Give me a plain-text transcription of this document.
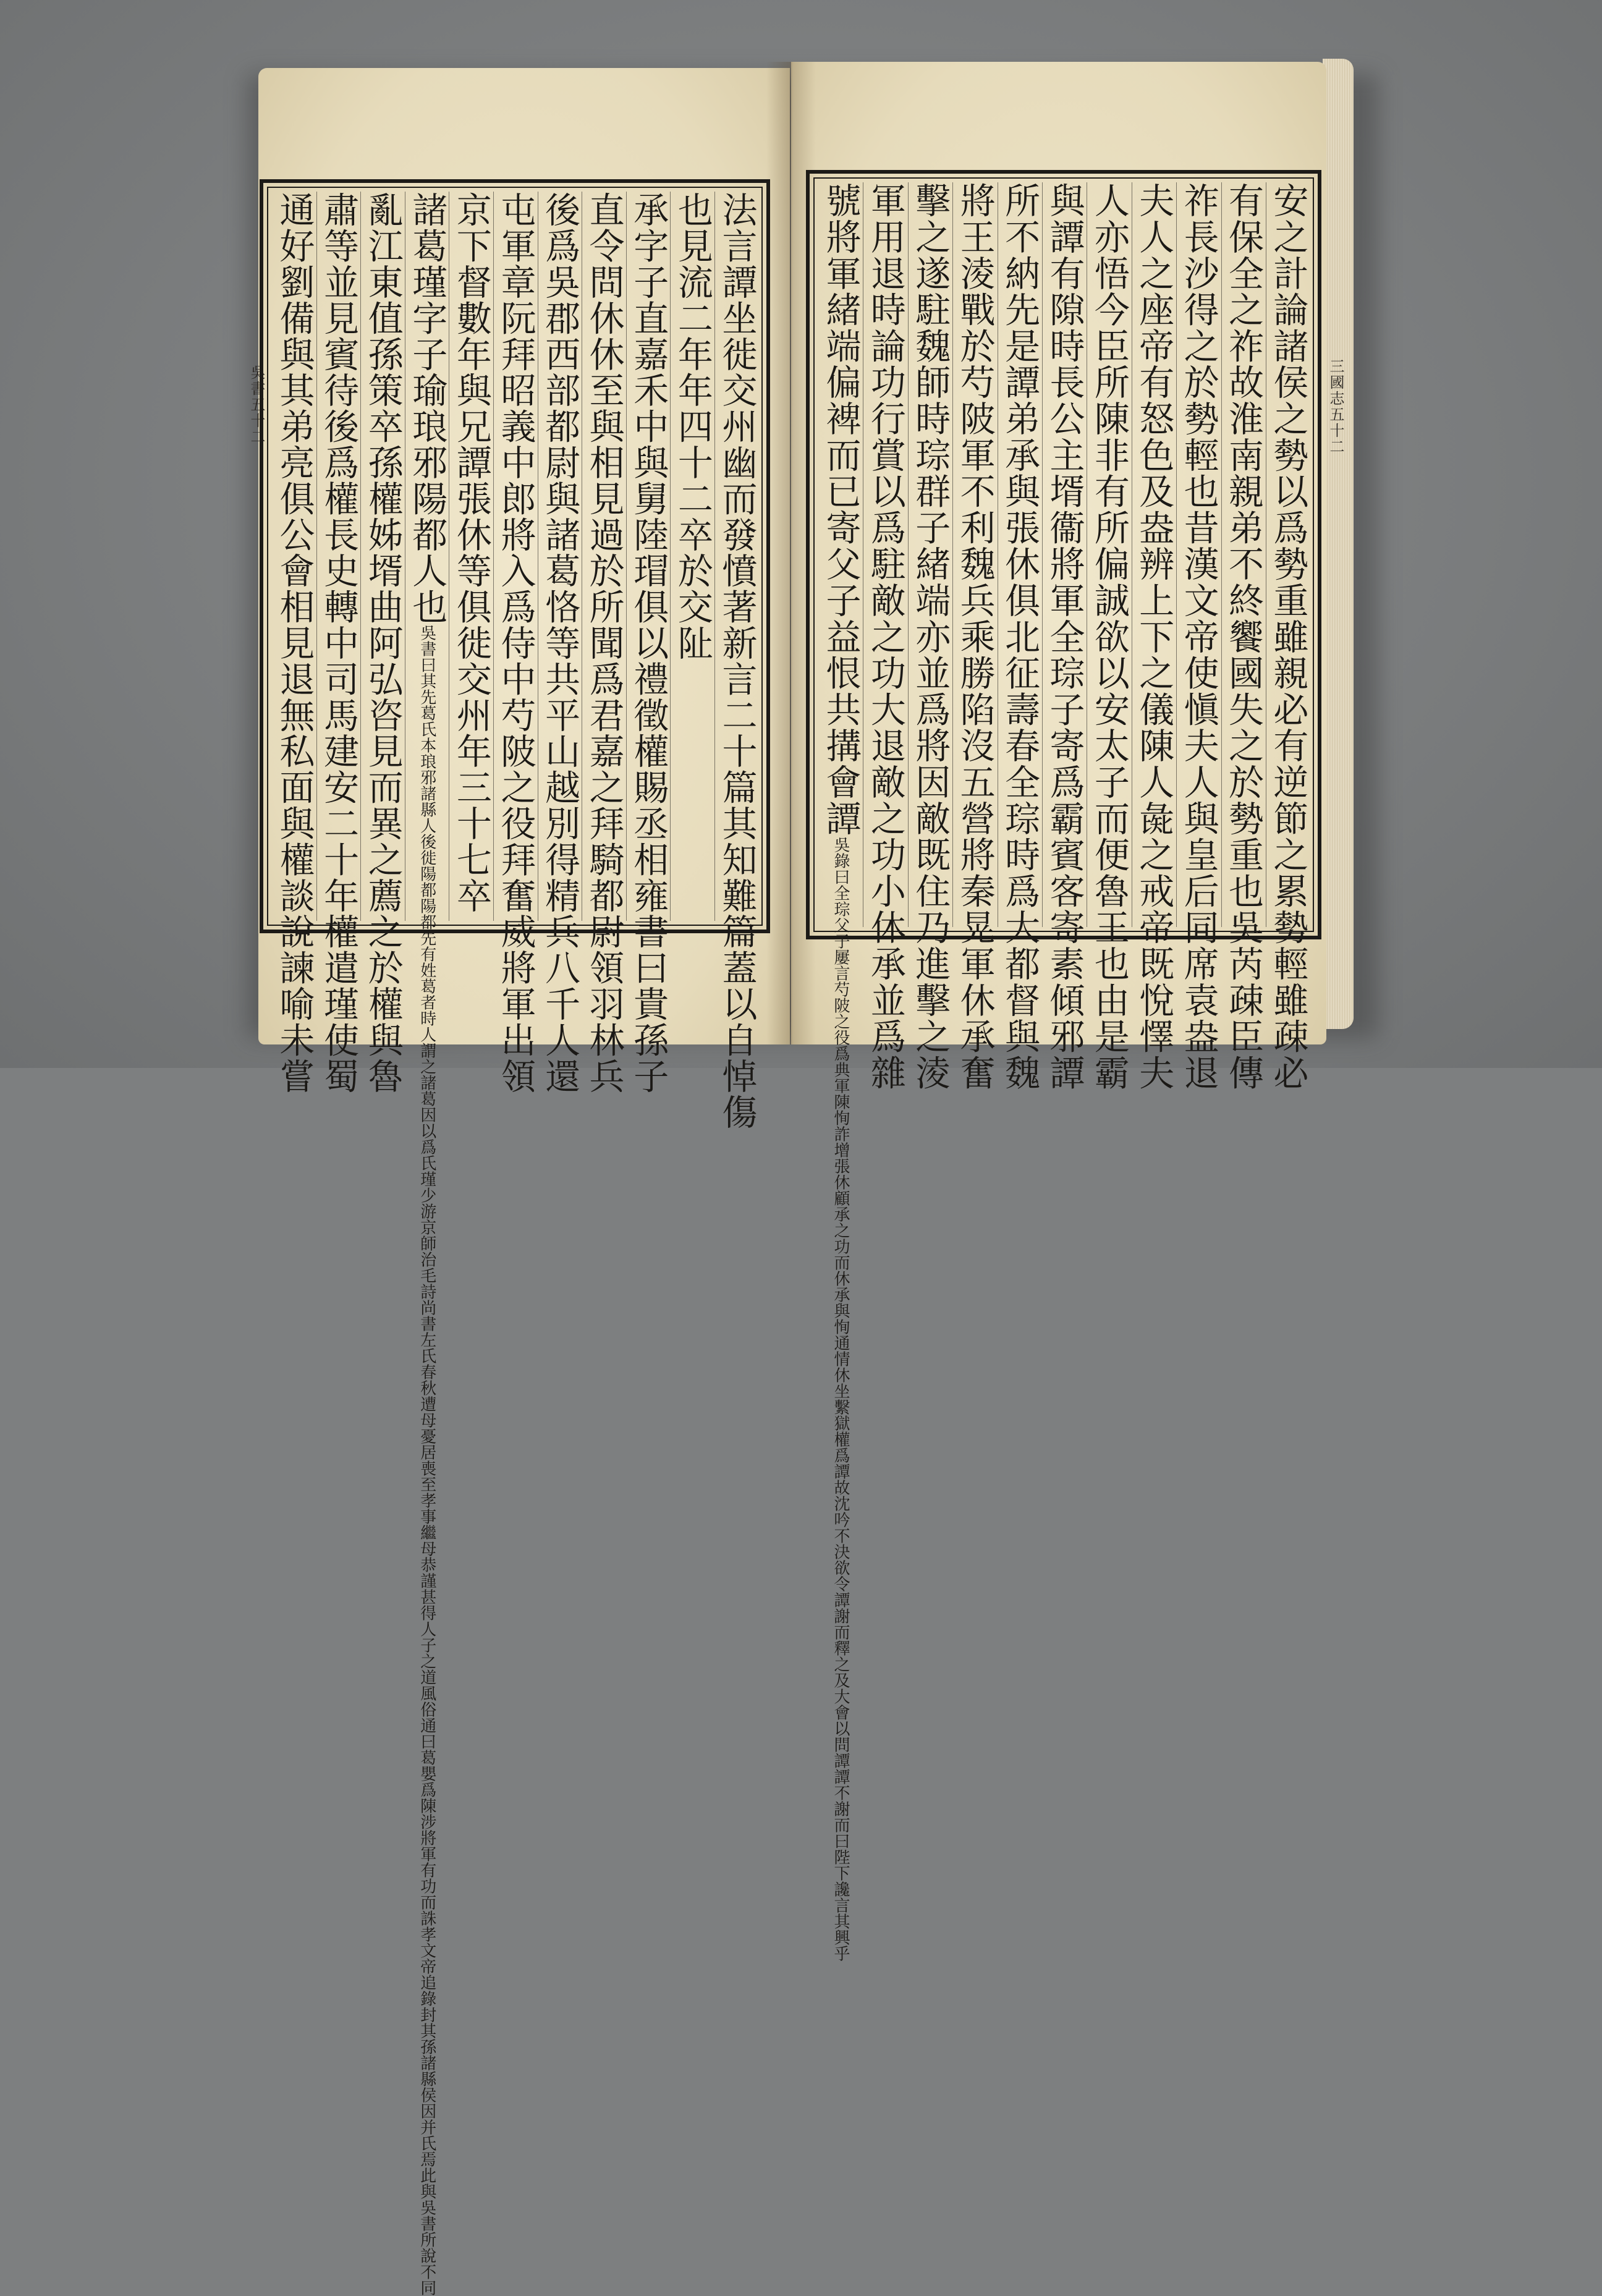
吳書五十二	三國志五十二
法言譚坐徙交州幽而發憤著新言二十篇其知難篇蓋以自悼傷
也見流二年年四十二卒於交阯
承字子直嘉禾中與舅陸瑁俱以禮徵權賜丞相雍書曰貴孫子
直令問休休至與相見過於所聞爲君嘉之拜騎都尉領羽林兵
後爲吳郡西部都尉與諸葛恪等共平山越別得精兵八千人還
屯軍章阮拜昭義中郎將入爲侍中芍陂之役拜奮威將軍出領
京下督數年與兄譚張休等俱徙交州年三十七卒
諸葛瑾字子瑜琅邪陽都人也吳書曰其先葛氏本琅邪諸縣人後徙陽都陽都先有姓葛者時人謂之諸葛因以爲氏瑾少游京師治毛詩尚書左氏春秋遭母憂居喪至孝事繼母恭謹甚得人子之道風俗通曰葛嬰爲陳涉將軍有功而誅孝文帝追錄封其孫諸縣侯因并氏焉此與吳書所說不同
亂江東值孫策卒孫權姊壻曲阿弘咨見而異之薦之於權與魯
肅等並見賓待後爲權長史轉中司馬建安二十年權遣瑾使蜀
通好劉備與其弟亮俱公會相見退無私面與權談說諫喻未嘗	安之計論諸侯之勢以爲勢重雖親必有逆節之累勢輕雖疎必
有保全之祚故淮南親弟不終饗國失之於勢重也吳芮疎臣傳
祚長沙得之於勢輕也昔漢文帝使愼夫人與皇后同席袁盎退
夫人之座帝有怒色及盎辨上下之儀陳人彘之戒帝既悅懌夫
人亦悟今臣所陳非有所偏誠欲以安太子而便魯王也由是霸
與譚有隙時長公主壻衞將軍全琮子寄爲霸賓客寄素傾邪譚
所不納先是譚弟承與張休俱北征壽春全琮時爲大都督與魏
將王淩戰於芍陂軍不利魏兵乘勝陷沒五營將秦晃軍休承奮
擊之遂駐魏師時琮群子緒端亦並爲將因敵既住乃進擊之淩
軍用退時論功行賞以爲駐敵之功大退敵之功小休承並爲雜
號將軍緒端偏裨而已寄父子益恨共搆會譚吳錄曰全琮父子屢言芍陂之役爲典軍陳恂詐增張休顧承之功而休承與恂通情休坐繫獄權爲譚故沈吟不決欲令譚謝而釋之及大會以問譚譚不謝而曰陛下讒言其興乎
